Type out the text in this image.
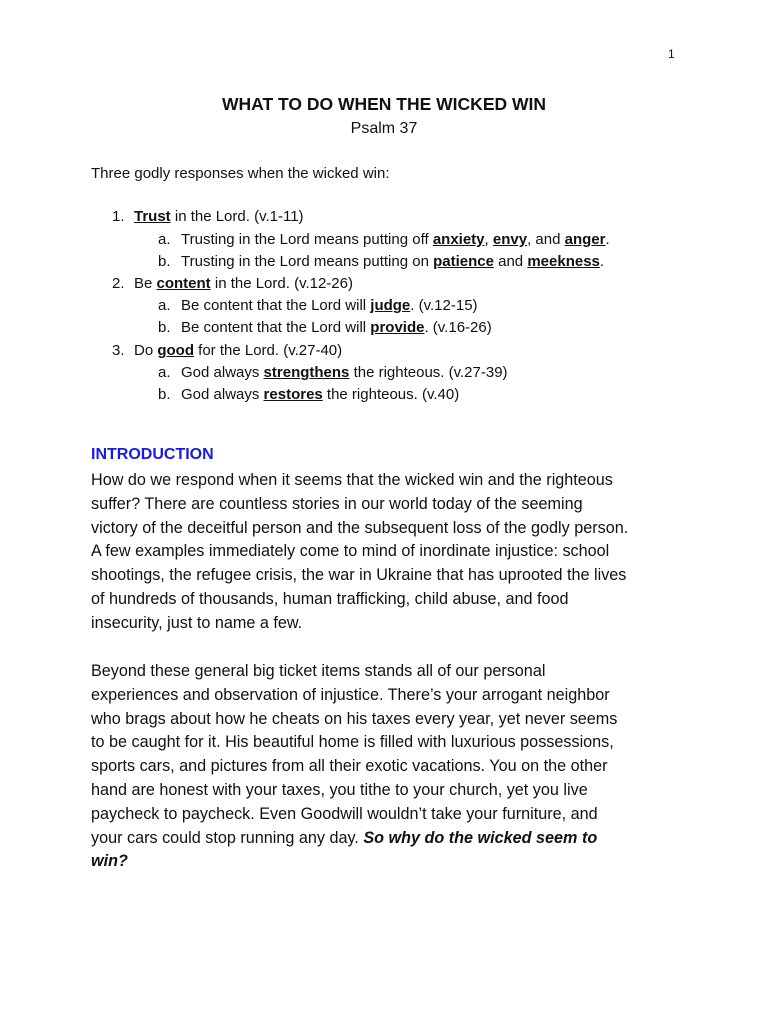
1
WHAT TO DO WHEN THE WICKED WIN
Psalm 37
Three godly responses when the wicked win:
1. Trust in the Lord. (v.1-11)
a. Trusting in the Lord means putting off anxiety, envy, and anger.
b. Trusting in the Lord means putting on patience and meekness.
2. Be content in the Lord. (v.12-26)
a. Be content that the Lord will judge. (v.12-15)
b. Be content that the Lord will provide. (v.16-26)
3. Do good for the Lord. (v.27-40)
a. God always strengthens the righteous. (v.27-39)
b. God always restores the righteous. (v.40)
INTRODUCTION

How do we respond when it seems that the wicked win and the righteous

suffer? There are countless stories in our world today of the seeming

victory of the deceitful person and the subsequent loss of the godly person.

A few examples immediately come to mind of inordinate injustice: school

shootings, the refugee crisis, the war in Ukraine that has uprooted the lives

of hundreds of thousands, human trafficking, child abuse, and food

insecurity, just to name a few.

Beyond these general big ticket items stands all of our personal

experiences and observation of injustice. There’s your arrogant neighbor

who brags about how he cheats on his taxes every year, yet never seems

to be caught for it. His beautiful home is filled with luxurious possessions,

sports cars, and pictures from all their exotic vacations. You on the other

hand are honest with your taxes, you tithe to your church, yet you live

paycheck to paycheck. Even Goodwill wouldn’t take your furniture, and

your cars could stop running any day. So why do the wicked seem to

win?
